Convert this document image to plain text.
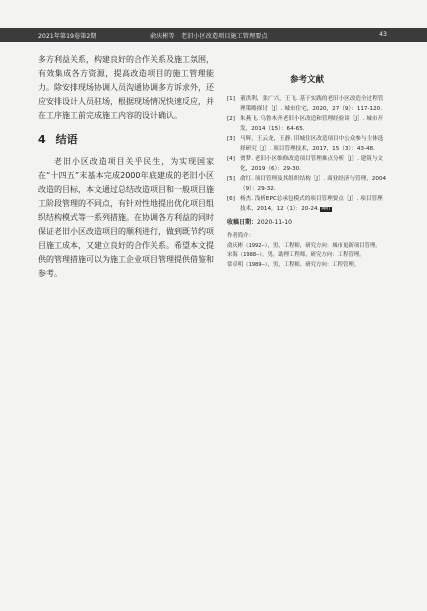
2021年第19卷第2期	俞庆彬等　老旧小区改造项目施工管理要点	43

多方利益关系，构建良好的合作关系及施工氛围，有效集成各方资源，提高改造项目的施工管理能力。除安排现场协调人员沟通协调多方诉求外，还应安排设计人员驻场，根据现场情况快速反应，并在工序施工前完成施工内容的设计确认。

4 结语

老旧小区改造项目关乎民生，为实现国家在“十四五”末基本完成2000年底建成的老旧小区改造的目标，本文通过总结改造项目和一般项目施工阶段管理的不同点，有针对性地提出优化项目组织结构模式等一系列措施。在协调各方利益的同时保证老旧小区改造项目的顺利进行，做到既节约项目施工成本，又建立良好的合作关系。希望本文提供的管理措施可以为施工企业项目管理提供借鉴和参考。

参考文献
[1] 董洪利，张广兴，王飞. 基于实践的老旧小区改造全过程管理策略探讨［J］. 城市住宅，2020，27（9）：117-120.
[2] 朱燕飞. 乌鲁木齐老旧小区改造和管理经验谈［J］. 城市开发，2014（15）：64-65.
[3] 马辉，王云龙，王静. 旧城住区改造项目中公众参与主体选择研究［J］. 项目管理技术，2017，15（3）：43-48.
[4] 贾梦. 老旧小区维修改造项目管理难点分析［J］. 建筑与文化，2019（6）：29-30.
[5] 俞红. 项目管理及其组织结构［J］. 商业经济与管理，2004（9）：29-32.
[6] 杨杰. 浅析EPC总承包模式的项目管理要点［J］. 项目管理技术，2014，12（1）：20-24. PMT
收稿日期：2020-11-10
作者简介：
俞庆彬（1992—），男，工程师，研究方向：城市更新项目管理。
宋海（1988—），男，助理工程师，研究方向：工程管理。
常卓明（1989—），男，工程师，研究方向：工程管理。
